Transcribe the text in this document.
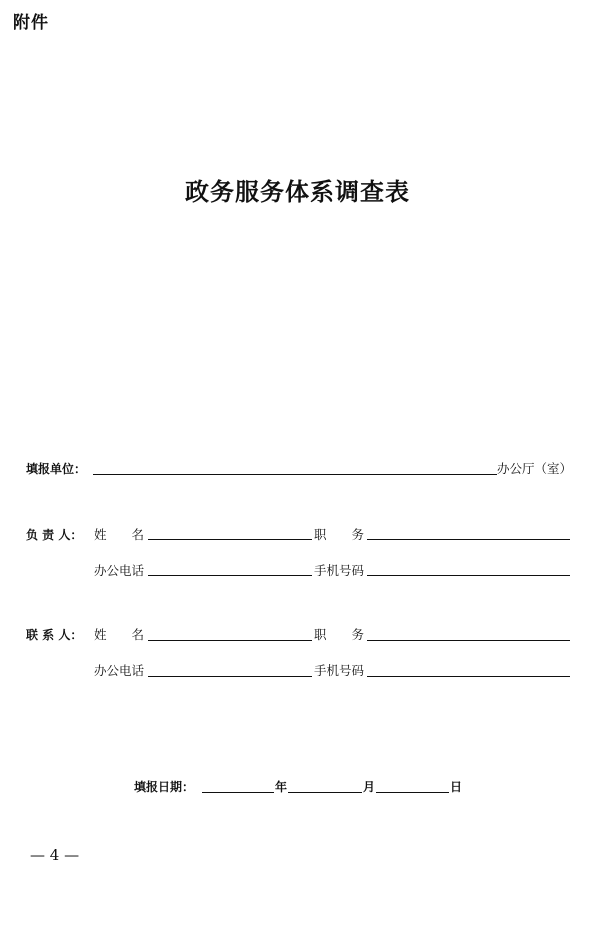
附件
政务服务体系调查表
填报单位：	办公厅（室）
负 责 人： 姓　　名	职　　务
办公电话	手机号码
联 系 人： 姓　　名	职　　务
办公电话	手机号码
填报日期：	年	月	日
— 4 —
